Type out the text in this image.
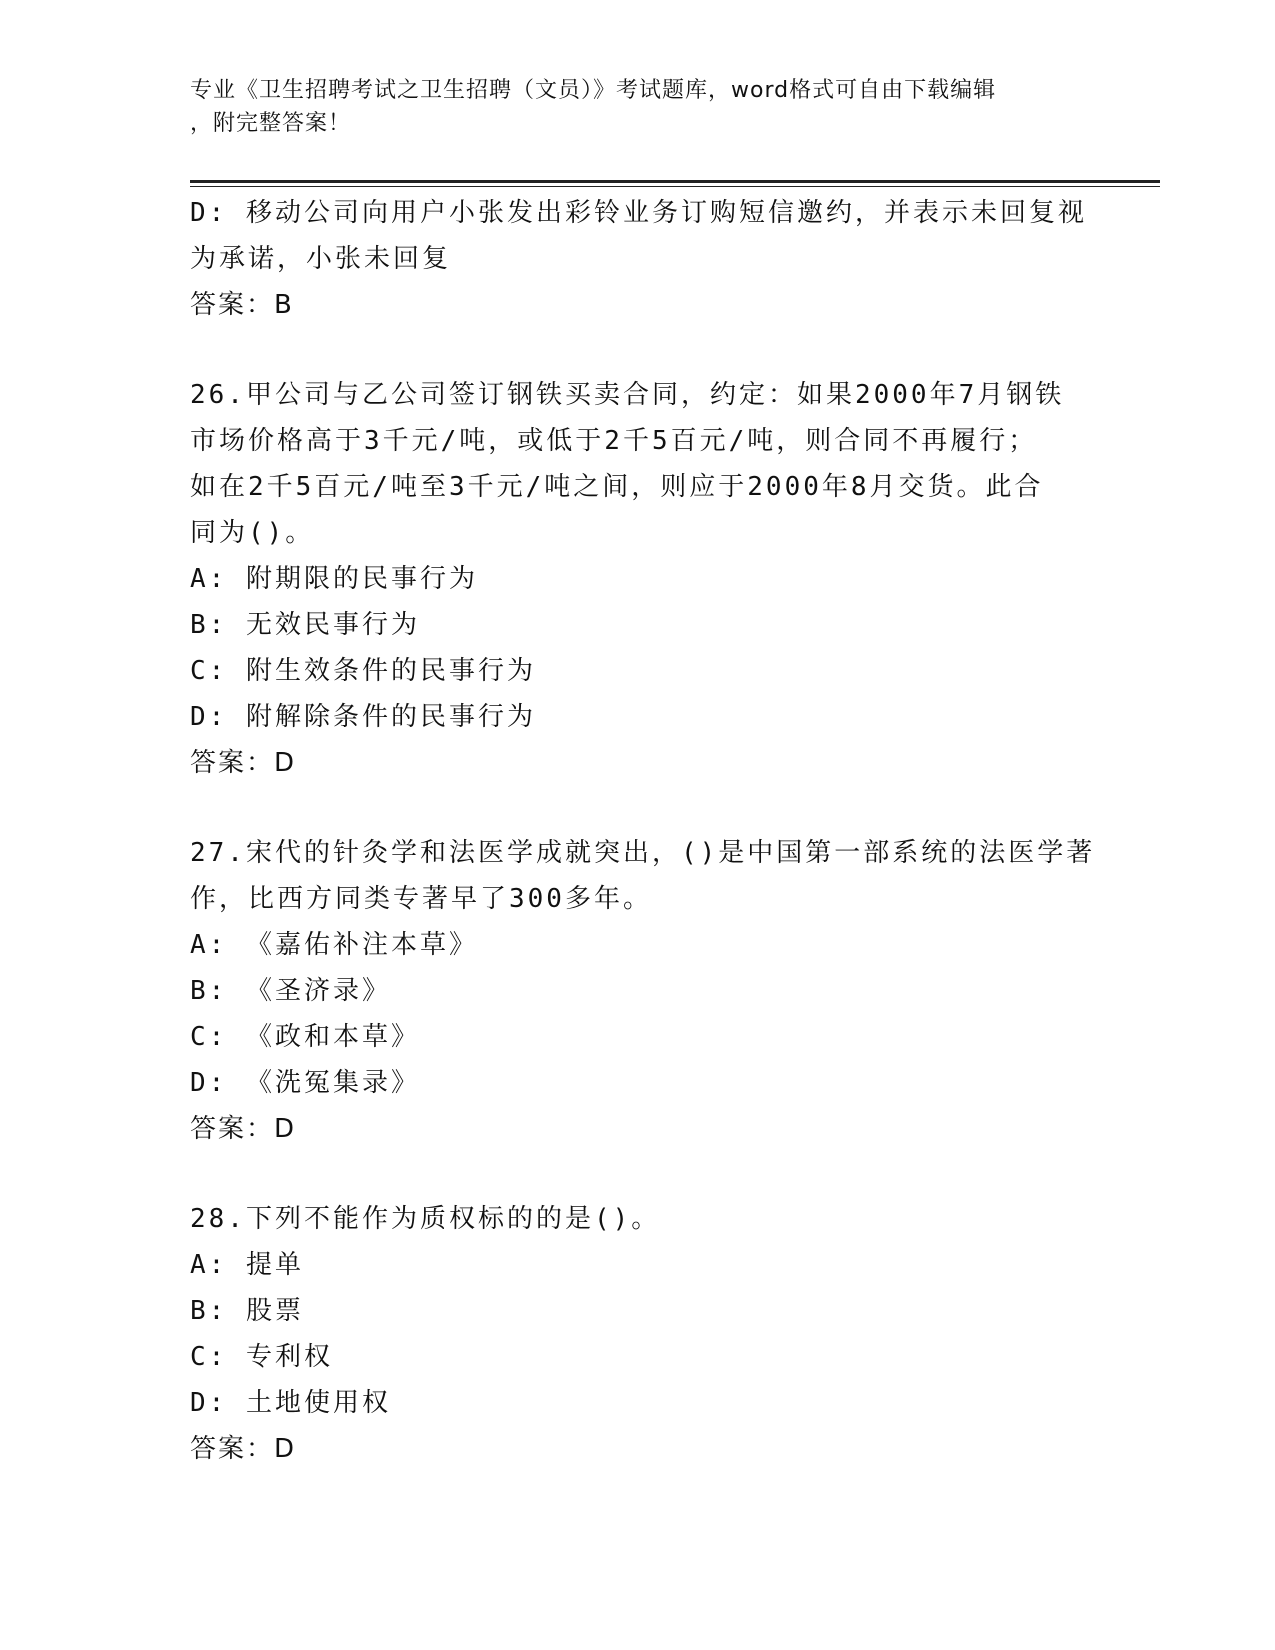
专业《卫生招聘考试之卫生招聘（文员）》考试题库，word格式可自由下载编辑
，附完整答案！
D: 移动公司向用户小张发出彩铃业务订购短信邀约，并表示未回复视
为承诺，小张未回复
答案：B
26.甲公司与乙公司签订钢铁买卖合同，约定：如果2000年7月钢铁
市场价格高于3千元/吨，或低于2千5百元/吨，则合同不再履行；
如在2千5百元/吨至3千元/吨之间，则应于2000年8月交货。此合
同为()。
A: 附期限的民事行为
B: 无效民事行为
C: 附生效条件的民事行为
D: 附解除条件的民事行为
答案：D
27.宋代的针灸学和法医学成就突出，()是中国第一部系统的法医学著
作，比西方同类专著早了300多年。
A: 《嘉佑补注本草》
B: 《圣济录》
C: 《政和本草》
D: 《洗冤集录》
答案：D
28.下列不能作为质权标的的是()。
A: 提单
B: 股票
C: 专利权
D: 土地使用权
答案：D
